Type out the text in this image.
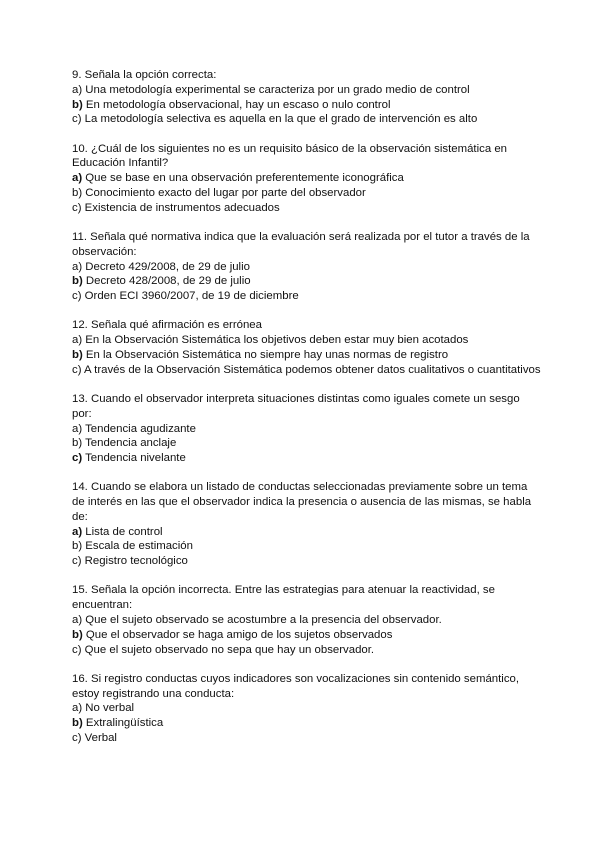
9. Señala la opción correcta:
a) Una metodología experimental se caracteriza por un grado medio de control
b) En metodología observacional, hay un escaso o nulo control
c) La metodología selectiva es aquella en la que el grado de intervención es alto
10. ¿Cuál de los siguientes no es un requisito básico de la observación sistemática en Educación Infantil?
a) Que se base en una observación preferentemente iconográfica
b) Conocimiento exacto del lugar por parte del observador
c) Existencia de instrumentos adecuados
11. Señala qué normativa indica que la evaluación será realizada por el tutor a través de la observación:
a) Decreto 429/2008, de 29 de julio
b) Decreto 428/2008, de 29 de julio
c) Orden ECI 3960/2007, de 19 de diciembre
12. Señala qué afirmación es errónea
a) En la Observación Sistemática los objetivos deben estar muy bien acotados
b) En la Observación Sistemática no siempre hay unas normas de registro
c) A través de la Observación Sistemática podemos obtener datos cualitativos o cuantitativos
13. Cuando el observador interpreta situaciones distintas como iguales comete un sesgo por:
a) Tendencia agudizante
b) Tendencia anclaje
c) Tendencia nivelante
14. Cuando se elabora un listado de conductas seleccionadas previamente sobre un tema de interés en las que el observador indica la presencia o ausencia de las mismas, se habla de:
a) Lista de control
b) Escala de estimación
c) Registro tecnológico
15. Señala la opción incorrecta. Entre las estrategias para atenuar la reactividad, se encuentran:
a) Que el sujeto observado se acostumbre a la presencia del observador.
b) Que el observador se haga amigo de los sujetos observados
c) Que el sujeto observado no sepa que hay un observador.
16. Si registro conductas cuyos indicadores son vocalizaciones sin contenido semántico, estoy registrando una conducta:
a) No verbal
b) Extralingüística
c) Verbal
